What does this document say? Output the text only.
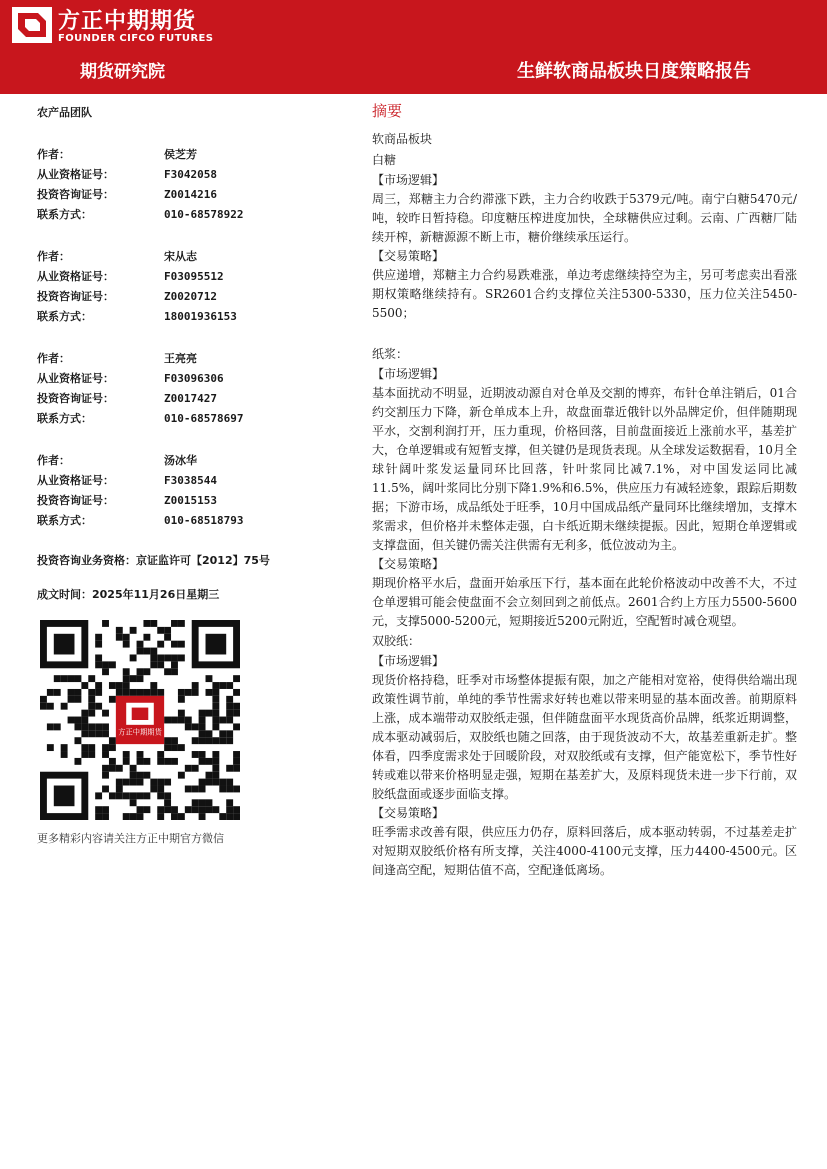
方正中期期货
FOUNDER CIFCO FUTURES
期货研究院	生鲜软商品板块日度策略报告
农产品团队
作者：	侯芝芳
从业资格证号：	F3042058
投资咨询证号：	Z0014216
联系方式：	010-68578922
作者：	宋从志
从业资格证号：	F03095512
投资咨询证号：	Z0020712
联系方式：	18001936153
作者：	王亮亮
从业资格证号：	F03096306
投资咨询证号：	Z0017427
联系方式：	010-68578697
作者：	汤冰华
从业资格证号：	F3038544
投资咨询证号：	Z0015153
联系方式：	010-68518793
投资咨询业务资格：京证监许可【2012】75号
成文时间：2025年11月26日星期三
方正中期期货
更多精彩内容请关注方正中期官方微信
摘要

软商品板块

白糖

【市场逻辑】

周三，郑糖主力合约滞涨下跌，主力合约收跌于5379元/吨。南宁白糖5470元/吨，较昨日暂持稳。印度糖压榨进度加快，全球糖供应过剩。云南、广西糖厂陆续开榨，新糖源源不断上市，糖价继续承压运行。

【交易策略】

供应递增，郑糖主力合约易跌难涨，单边考虑继续持空为主，另可考虑卖出看涨期权策略继续持有。SR2601合约支撑位关注5300-5330，压力位关注5450-5500；

纸浆：

【市场逻辑】

基本面扰动不明显，近期波动源自对仓单及交割的博弈，布针仓单注销后，01合约交割压力下降，新仓单成本上升，故盘面靠近俄针以外品牌定价，但伴随期现平水，交割利润打开，压力重现，价格回落，目前盘面接近上涨前水平，基差扩大，仓单逻辑或有短暂支撑，但关键仍是现货表现。从全球发运数据看，10月全球针阔叶浆发运量同环比回落，针叶浆同比减7.1%，对中国发运同比减11.5%，阔叶浆同比分别下降1.9%和6.5%，供应压力有减轻迹象，跟踪后期数据；下游市场，成品纸处于旺季，10月中国成品纸产量同环比继续增加，支撑木浆需求，但价格并未整体走强，白卡纸近期未继续提振。因此，短期仓单逻辑或支撑盘面，但关键仍需关注供需有无利多，低位波动为主。

【交易策略】

期现价格平水后，盘面开始承压下行，基本面在此轮价格波动中改善不大，不过仓单逻辑可能会使盘面不会立刻回到之前低点。2601合约上方压力5500-5600元，支撑5000-5200元，短期接近5200元附近，空配暂时减仓观望。

双胶纸：

【市场逻辑】

现货价格持稳，旺季对市场整体提振有限，加之产能相对宽裕，使得供给端出现政策性调节前，单纯的季节性需求好转也难以带来明显的基本面改善。前期原料上涨，成本端带动双胶纸走强，但伴随盘面平水现货高价品牌，纸浆近期调整，成本驱动减弱后，双胶纸也随之回落，由于现货波动不大，故基差重新走扩。整体看，四季度需求处于回暖阶段，对双胶纸或有支撑，但产能宽松下，季节性好转或难以带来价格明显走强，短期在基差扩大，及原料现货未进一步下行前，双胶纸盘面或逐步面临支撑。

【交易策略】

旺季需求改善有限，供应压力仍存，原料回落后，成本驱动转弱，不过基差走扩对短期双胶纸价格有所支撑，关注4000-4100元支撑，压力4400-4500元。区间逢高空配，短期估值不高，空配逢低离场。
